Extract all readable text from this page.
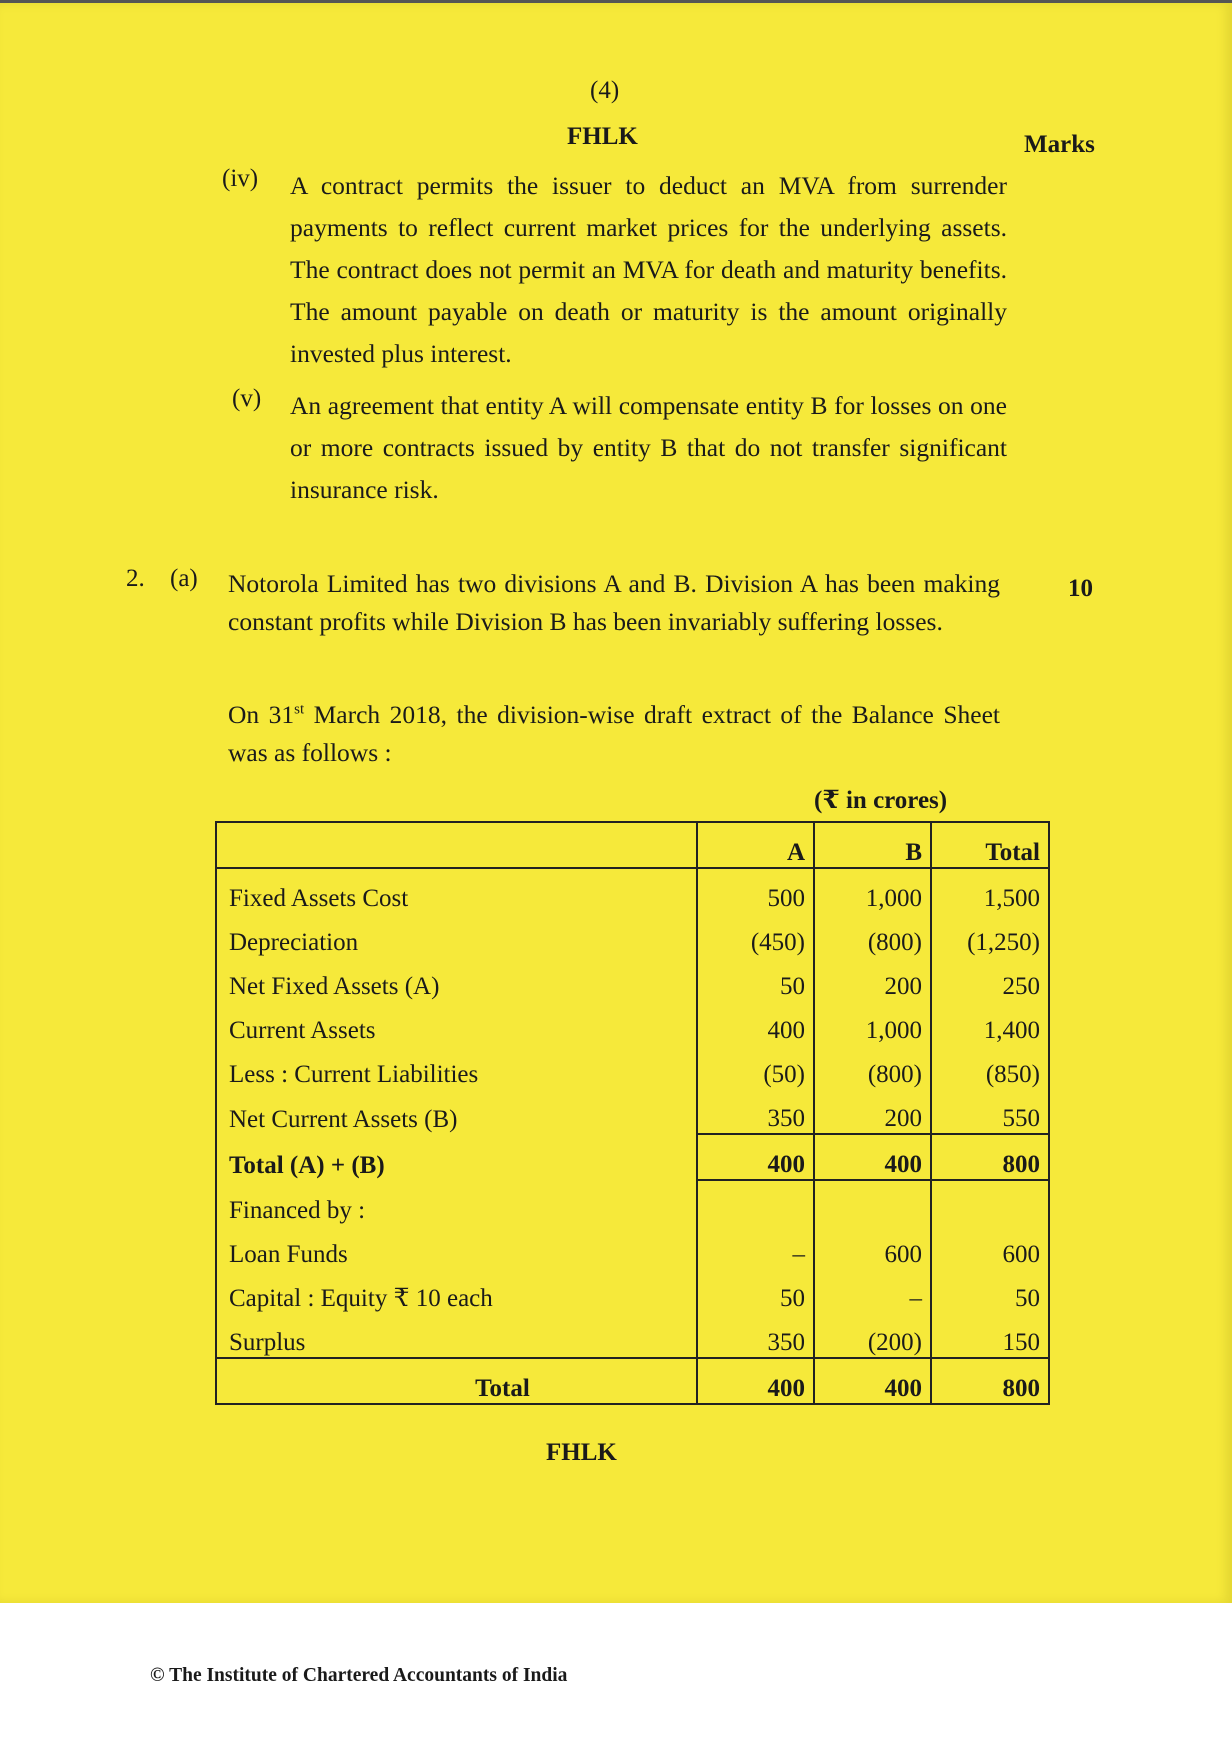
(4)
FHLK	Marks
(iv) A contract permits the issuer to deduct an MVA from surrender payments to reflect current market prices for the underlying assets. The contract does not permit an MVA for death and maturity benefits. The amount payable on death or maturity is the amount originally invested plus interest.
(v) An agreement that entity A will compensate entity B for losses on one or more contracts issued by entity B that do not transfer significant insurance risk.
2. (a) Notorola Limited has two divisions A and B. Division A has been making constant profits while Division B has been invariably suffering losses.
10
On 31st March 2018, the division-wise draft extract of the Balance Sheet was as follows :
(₹ in crores)
	A	B	Total
Fixed Assets Cost	500	1,000	1,500
Depreciation	(450)	(800)	(1,250)
Net Fixed Assets (A)	50	200	250
Current Assets	400	1,000	1,400
Less : Current Liabilities	(50)	(800)	(850)
Net Current Assets (B)	350	200	550
Total (A) + (B)	400	400	800
Financed by :			
Loan Funds	–	600	600
Capital : Equity ₹ 10 each	50	–	50
Surplus	350	(200)	150
Total	400	400	800
FHLK
© The Institute of Chartered Accountants of India
